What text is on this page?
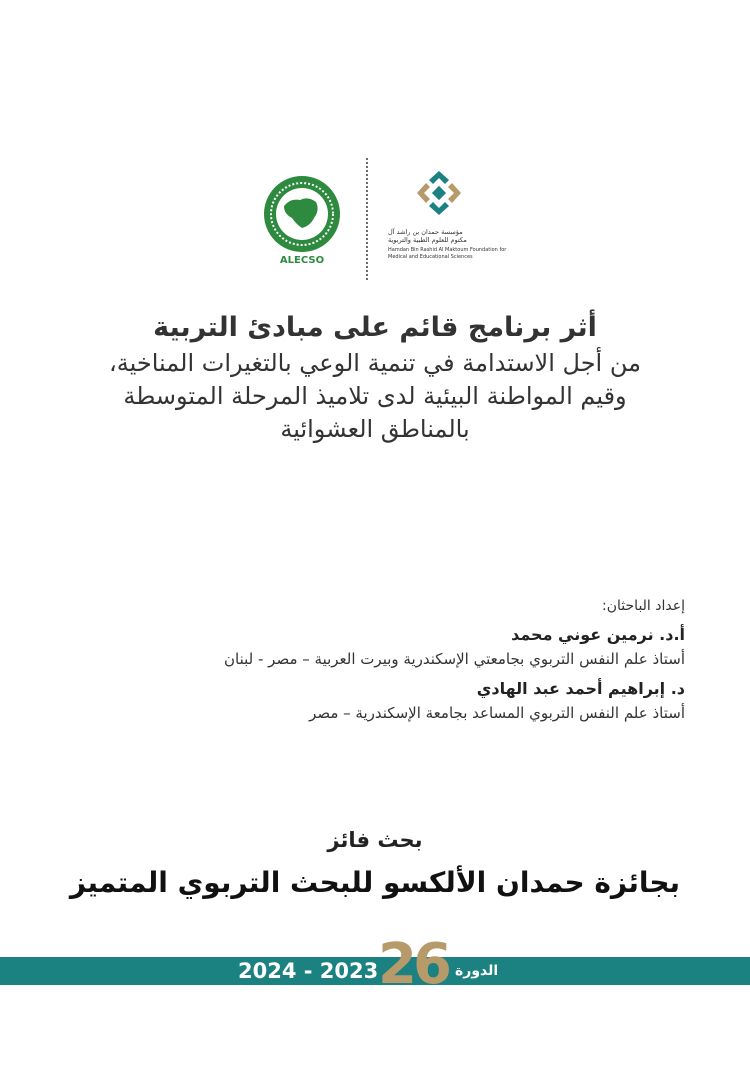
ALECSO
مؤسسة حمدان بن راشد آل مكتوم للعلوم الطبية والتربوية
Hamdan Bin Rashid Al Maktoum Foundation for Medical and Educational Sciences
أثر برنامج قائم على مبادئ التربية
من أجل الاستدامة في تنمية الوعي بالتغيرات المناخية،
وقيم المواطنة البيئية لدى تلاميذ المرحلة المتوسطة
بالمناطق العشوائية
إعداد الباحثان:
أ.د. نرمين عوني محمد
أستاذ علم النفس التربوي بجامعتي الإسكندرية وبيرت العربية – مصر - لبنان
د. إبراهيم أحمد عبد الهادي
أستاذ علم النفس التربوي المساعد بجامعة الإسكندرية – مصر
بحث فائز
بجائزة حمدان الألكسو للبحث التربوي المتميز
2024 - 2023 26 الدورة
